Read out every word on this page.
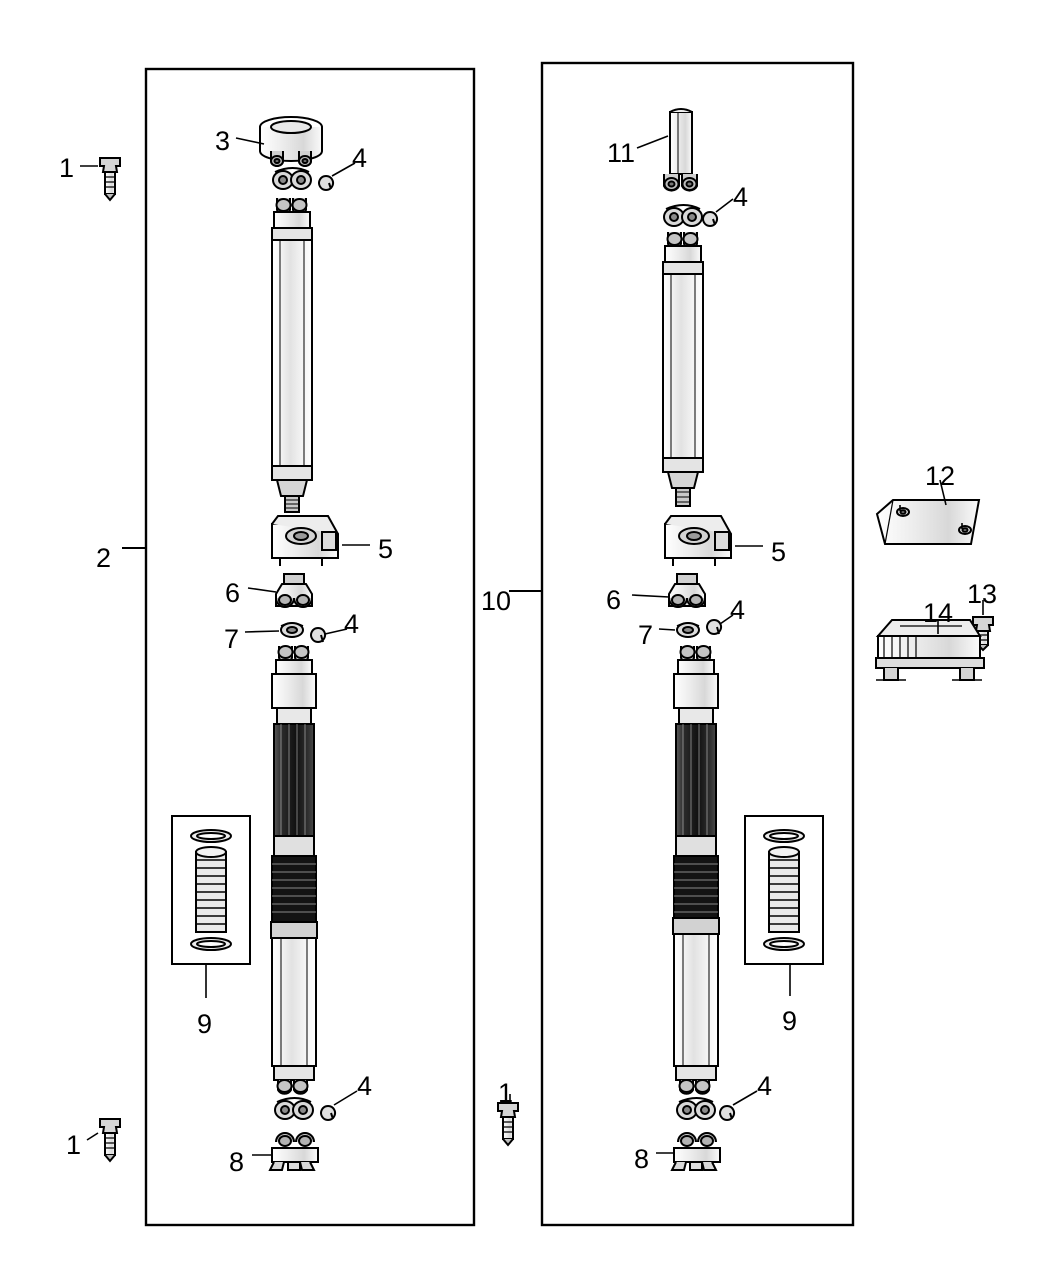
1
3
4
2	5
6
7	4
9
4
1
8
11
4
12
10
5
6
7
4
13
14
9
1	4
8
